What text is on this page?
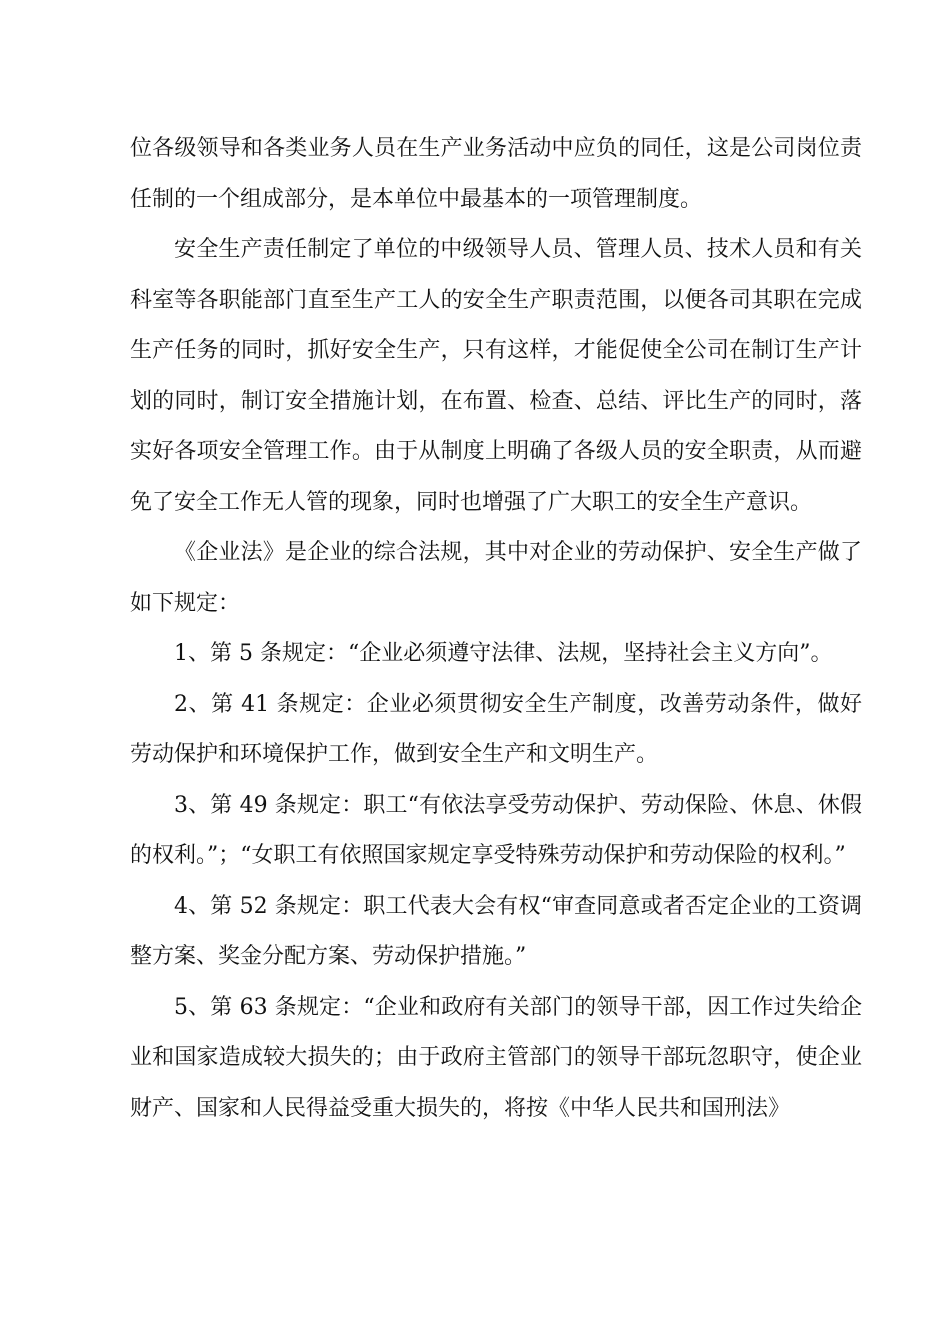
位各级领导和各类业务人员在生产业务活动中应负的同任，这是公司岗位责任制的一个组成部分，是本单位中最基本的一项管理制度。

安全生产责任制定了单位的中级领导人员、管理人员、技术人员和有关科室等各职能部门直至生产工人的安全生产职责范围，以便各司其职在完成生产任务的同时，抓好安全生产，只有这样，才能促使全公司在制订生产计划的同时，制订安全措施计划，在布置、检查、总结、评比生产的同时，落实好各项安全管理工作。由于从制度上明确了各级人员的安全职责，从而避免了安全工作无人管的现象，同时也增强了广大职工的安全生产意识。

《企业法》是企业的综合法规，其中对企业的劳动保护、安全生产做了如下规定：

1、第 5 条规定：“企业必须遵守法律、法规，坚持社会主义方向”。

2、第 41 条规定：企业必须贯彻安全生产制度，改善劳动条件，做好劳动保护和环境保护工作，做到安全生产和文明生产。

3、第 49 条规定：职工“有依法享受劳动保护、劳动保险、休息、休假的权利。”；“女职工有依照国家规定享受特殊劳动保护和劳动保险的权利。”

4、第 52 条规定：职工代表大会有权“审查同意或者否定企业的工资调整方案、奖金分配方案、劳动保护措施。”

5、第 63 条规定：“企业和政府有关部门的领导干部，因工作过失给企业和国家造成较大损失的；由于政府主管部门的领导干部玩忽职守，使企业财产、国家和人民得益受重大损失的，将按《中华人民共和国刑法》
